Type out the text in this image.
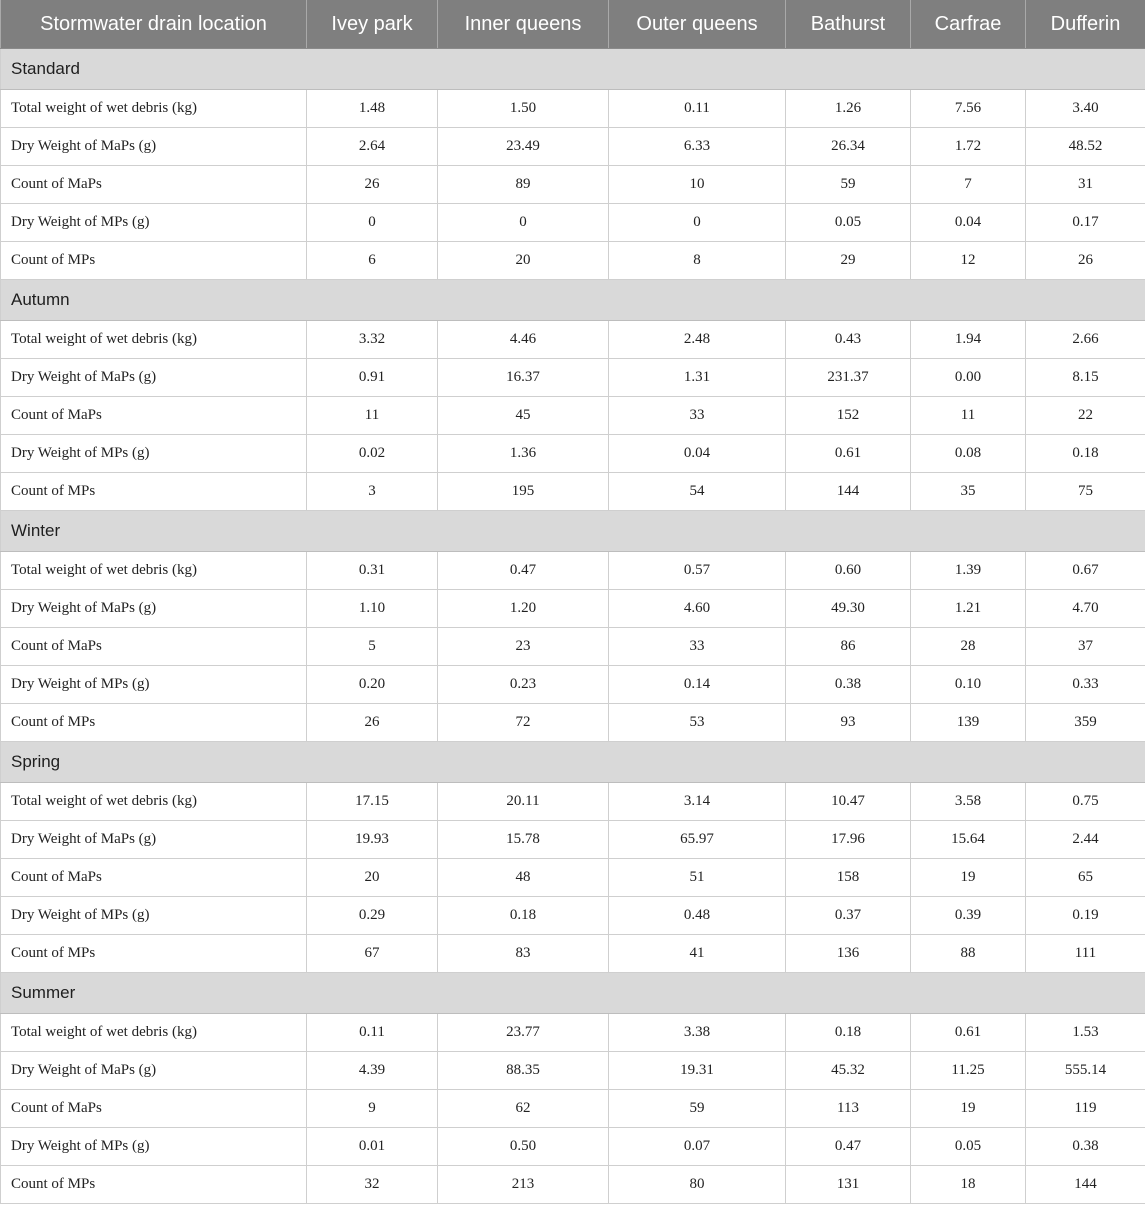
Stormwater drain location	Ivey park	Inner queens	Outer queens	Bathurst	Carfrae	Dufferin
Standard						
Total weight of wet debris (kg)	1.48	1.50	0.11	1.26	7.56	3.40
Dry Weight of MaPs (g)	2.64	23.49	6.33	26.34	1.72	48.52
Count of MaPs	26	89	10	59	7	31
Dry Weight of MPs (g)	0	0	0	0.05	0.04	0.17
Count of MPs	6	20	8	29	12	26
Autumn						
Total weight of wet debris (kg)	3.32	4.46	2.48	0.43	1.94	2.66
Dry Weight of MaPs (g)	0.91	16.37	1.31	231.37	0.00	8.15
Count of MaPs	11	45	33	152	11	22
Dry Weight of MPs (g)	0.02	1.36	0.04	0.61	0.08	0.18
Count of MPs	3	195	54	144	35	75
Winter						
Total weight of wet debris (kg)	0.31	0.47	0.57	0.60	1.39	0.67
Dry Weight of MaPs (g)	1.10	1.20	4.60	49.30	1.21	4.70
Count of MaPs	5	23	33	86	28	37
Dry Weight of MPs (g)	0.20	0.23	0.14	0.38	0.10	0.33
Count of MPs	26	72	53	93	139	359
Spring						
Total weight of wet debris (kg)	17.15	20.11	3.14	10.47	3.58	0.75
Dry Weight of MaPs (g)	19.93	15.78	65.97	17.96	15.64	2.44
Count of MaPs	20	48	51	158	19	65
Dry Weight of MPs (g)	0.29	0.18	0.48	0.37	0.39	0.19
Count of MPs	67	83	41	136	88	111
Summer						
Total weight of wet debris (kg)	0.11	23.77	3.38	0.18	0.61	1.53
Dry Weight of MaPs (g)	4.39	88.35	19.31	45.32	11.25	555.14
Count of MaPs	9	62	59	113	19	119
Dry Weight of MPs (g)	0.01	0.50	0.07	0.47	0.05	0.38
Count of MPs	32	213	80	131	18	144
